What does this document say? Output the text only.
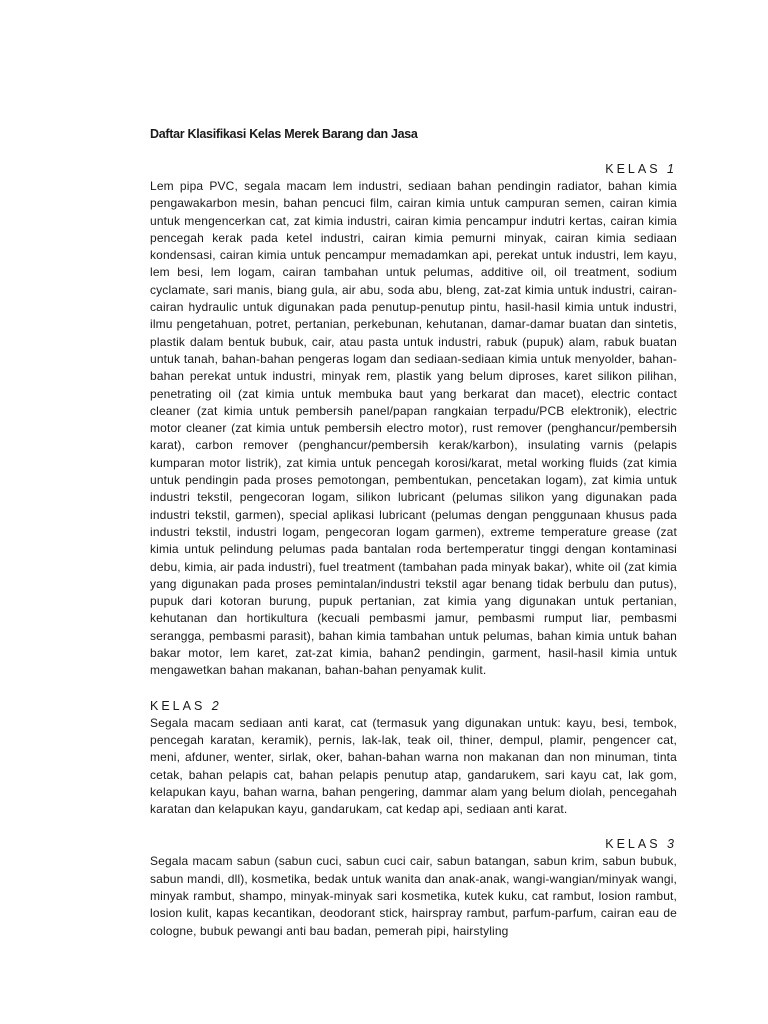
Daftar Klasifikasi Kelas Merek Barang dan Jasa
KELAS 1

Lem pipa PVC, segala macam lem industri, sediaan bahan pendingin radiator, bahan kimia pengawakarbon mesin, bahan pencuci film, cairan kimia untuk campuran semen, cairan kimia untuk mengencerkan cat, zat kimia industri, cairan kimia pencampur indutri kertas, cairan kimia pencegah kerak pada ketel industri, cairan kimia pemurni minyak, cairan kimia sediaan kondensasi, cairan kimia untuk pencampur memadamkan api, perekat untuk industri, lem kayu, lem besi, lem logam, cairan tambahan untuk pelumas, additive oil, oil treatment, sodium cyclamate, sari manis, biang gula, air abu, soda abu, bleng, zat-zat kimia untuk industri, cairan-cairan hydraulic untuk digunakan pada penutup-penutup pintu, hasil-hasil kimia untuk industri, ilmu pengetahuan, potret, pertanian, perkebunan, kehutanan, damar-damar buatan dan sintetis, plastik dalam bentuk bubuk, cair, atau pasta untuk industri, rabuk (pupuk) alam, rabuk buatan untuk tanah, bahan-bahan pengeras logam dan sediaan-sediaan kimia untuk menyolder, bahan-bahan perekat untuk industri, minyak rem, plastik yang belum diproses, karet silikon pilihan, penetrating oil (zat kimia untuk membuka baut yang berkarat dan macet), electric contact cleaner (zat kimia untuk pembersih panel/papan rangkaian terpadu/PCB elektronik), electric motor cleaner (zat kimia untuk pembersih electro motor), rust remover (penghancur/pembersih karat), carbon remover (penghancur/pembersih kerak/karbon), insulating varnis (pelapis kumparan motor listrik), zat kimia untuk pencegah korosi/karat, metal working fluids (zat kimia untuk pendingin pada proses pemotongan, pembentukan, pencetakan logam), zat kimia untuk industri tekstil, pengecoran logam, silikon lubricant (pelumas silikon yang digunakan pada industri tekstil, garmen), special aplikasi lubricant (pelumas dengan penggunaan khusus pada industri tekstil, industri logam, pengecoran logam garmen), extreme temperature grease (zat kimia untuk pelindung pelumas pada bantalan roda bertemperatur tinggi dengan kontaminasi debu, kimia, air pada industri), fuel treatment (tambahan pada minyak bakar), white oil (zat kimia yang digunakan pada proses pemintalan/industri tekstil agar benang tidak berbulu dan putus), pupuk dari kotoran burung, pupuk pertanian, zat kimia yang digunakan untuk pertanian, kehutanan dan hortikultura (kecuali pembasmi jamur, pembasmi rumput liar, pembasmi serangga, pembasmi parasit), bahan kimia tambahan untuk pelumas, bahan kimia untuk bahan bakar motor, lem karet, zat-zat kimia, bahan2 pendingin, garment, hasil-hasil kimia untuk mengawetkan bahan makanan, bahan-bahan penyamak kulit.

KELAS 2

Segala macam sediaan anti karat, cat (termasuk yang digunakan untuk: kayu, besi, tembok, pencegah karatan, keramik), pernis, lak-lak, teak oil, thiner, dempul, plamir, pengencer cat, meni, afduner, wenter, sirlak, oker, bahan-bahan warna non makanan dan non minuman, tinta cetak, bahan pelapis cat, bahan pelapis penutup atap, gandarukem, sari kayu cat, lak gom, kelapukan kayu, bahan warna, bahan pengering, dammar alam yang belum diolah, pencegahah karatan dan kelapukan kayu, gandarukam, cat kedap api, sediaan anti karat.

KELAS 3

Segala macam sabun (sabun cuci, sabun cuci cair, sabun batangan, sabun krim, sabun bubuk, sabun mandi, dll), kosmetika, bedak untuk wanita dan anak-anak, wangi-wangian/minyak wangi, minyak rambut, shampo, minyak-minyak sari kosmetika, kutek kuku, cat rambut, losion rambut, losion kulit, kapas kecantikan, deodorant stick, hairspray rambut, parfum-parfum, cairan eau de cologne, bubuk pewangi anti bau badan, pemerah pipi, hairstyling
